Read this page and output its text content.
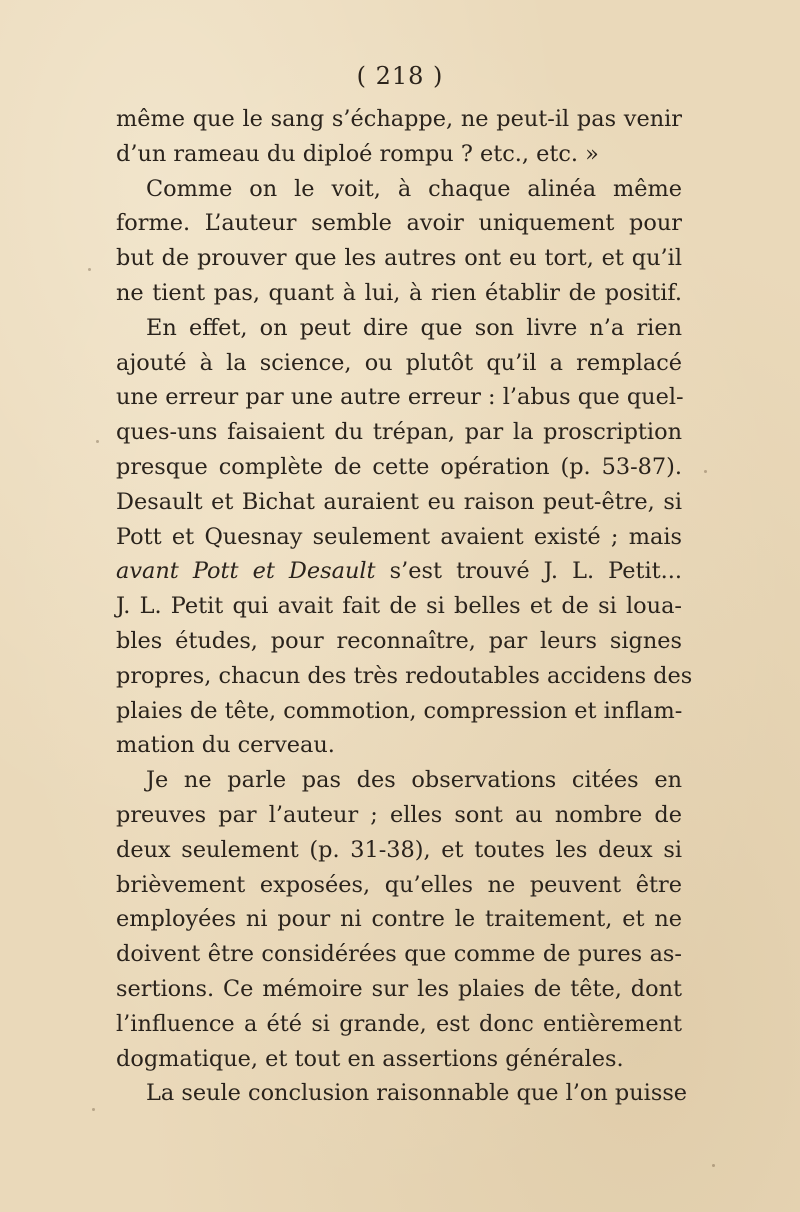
( 218 )
même que le sang s’échappe, ne peut-il pas venir
d’un rameau du diploé rompu ? etc., etc. »
Comme on le voit, à chaque alinéa même
forme. L’auteur semble avoir uniquement pour
but de prouver que les autres ont eu tort, et qu’il
ne tient pas, quant à lui, à rien établir de positif.
En effet, on peut dire que son livre n’a rien
ajouté à la science, ou plutôt qu’il a remplacé
une erreur par une autre erreur : l’abus que quel-
ques-uns faisaient du trépan, par la proscription
presque complète de cette opération (p. 53-87).
Desault et Bichat auraient eu raison peut-être, si
Pott et Quesnay seulement avaient existé ; mais
avant Pott et Desault s’est trouvé J. L. Petit...
J. L. Petit qui avait fait de si belles et de si loua-
bles études, pour reconnaître, par leurs signes
propres, chacun des très redoutables accidens des
plaies de tête, commotion, compression et inflam-
mation du cerveau.
Je ne parle pas des observations citées en
preuves par l’auteur ; elles sont au nombre de
deux seulement (p. 31-38), et toutes les deux si
brièvement exposées, qu’elles ne peuvent être
employées ni pour ni contre le traitement, et ne
doivent être considérées que comme de pures as-
sertions. Ce mémoire sur les plaies de tête, dont
l’influence a été si grande, est donc entièrement
dogmatique, et tout en assertions générales.
La seule conclusion raisonnable que l’on puisse
